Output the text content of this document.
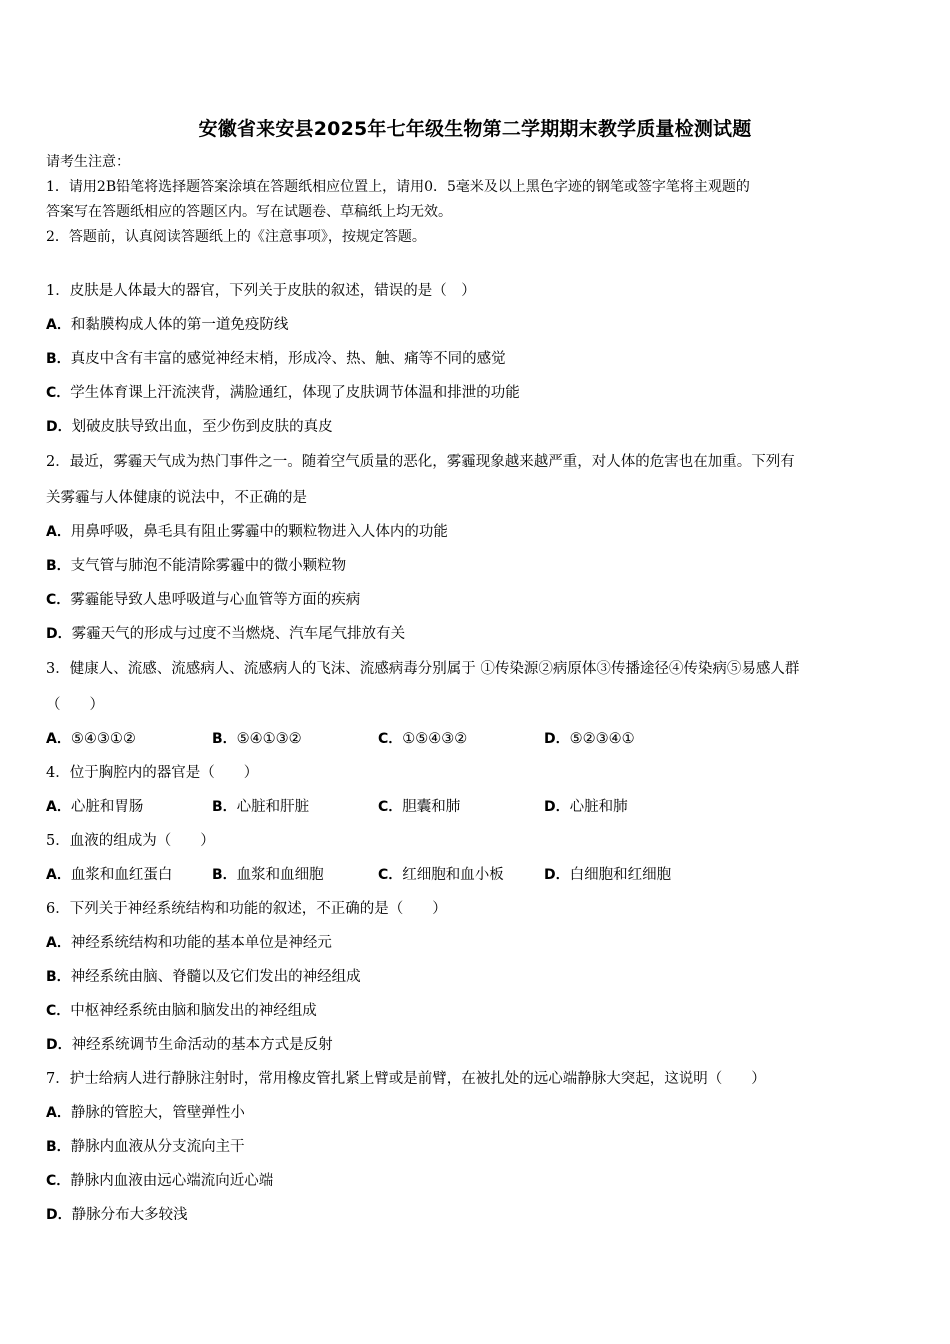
安徽省来安县2025年七年级生物第二学期期末教学质量检测试题
请考生注意：
1．请用2B铅笔将选择题答案涂填在答题纸相应位置上，请用0．5毫米及以上黑色字迹的钢笔或签字笔将主观题的
答案写在答题纸相应的答题区内。写在试题卷、草稿纸上均无效。
2．答题前，认真阅读答题纸上的《注意事项》，按规定答题。
1．皮肤是人体最大的器官，下列关于皮肤的叙述，错误的是（　）
A．和黏膜构成人体的第一道免疫防线
B．真皮中含有丰富的感觉神经末梢，形成冷、热、触、痛等不同的感觉
C．学生体育课上汗流浃背，满脸通红，体现了皮肤调节体温和排泄的功能
D．划破皮肤导致出血，至少伤到皮肤的真皮
2．最近，雾霾天气成为热门事件之一。随着空气质量的恶化，雾霾现象越来越严重，对人体的危害也在加重。下列有
关雾霾与人体健康的说法中，不正确的是
A．用鼻呼吸，鼻毛具有阻止雾霾中的颗粒物进入人体内的功能
B．支气管与肺泡不能清除雾霾中的微小颗粒物
C．雾霾能导致人患呼吸道与心血管等方面的疾病
D．雾霾天气的形成与过度不当燃烧、汽车尾气排放有关
3．健康人、流感、流感病人、流感病人的飞沫、流感病毒分别属于 ①传染源②病原体③传播途径④传染病⑤易感人群
（　　）
A．⑤④③①②	B．⑤④①③②	C．①⑤④③②	D．⑤②③④①
4．位于胸腔内的器官是（　　）
A．心脏和胃肠	B．心脏和肝脏	C．胆囊和肺	D．心脏和肺
5．血液的组成为（　　）
A．血浆和血红蛋白	B．血浆和血细胞	C．红细胞和血小板	D．白细胞和红细胞
6．下列关于神经系统结构和功能的叙述，不正确的是（　　）
A．神经系统结构和功能的基本单位是神经元
B．神经系统由脑、脊髓以及它们发出的神经组成
C．中枢神经系统由脑和脑发出的神经组成
D．神经系统调节生命活动的基本方式是反射
7．护士给病人进行静脉注射时，常用橡皮管扎紧上臂或是前臂，在被扎处的远心端静脉大突起，这说明（　　）
A．静脉的管腔大，管壁弹性小
B．静脉内血液从分支流向主干
C．静脉内血液由远心端流向近心端
D．静脉分布大多较浅
